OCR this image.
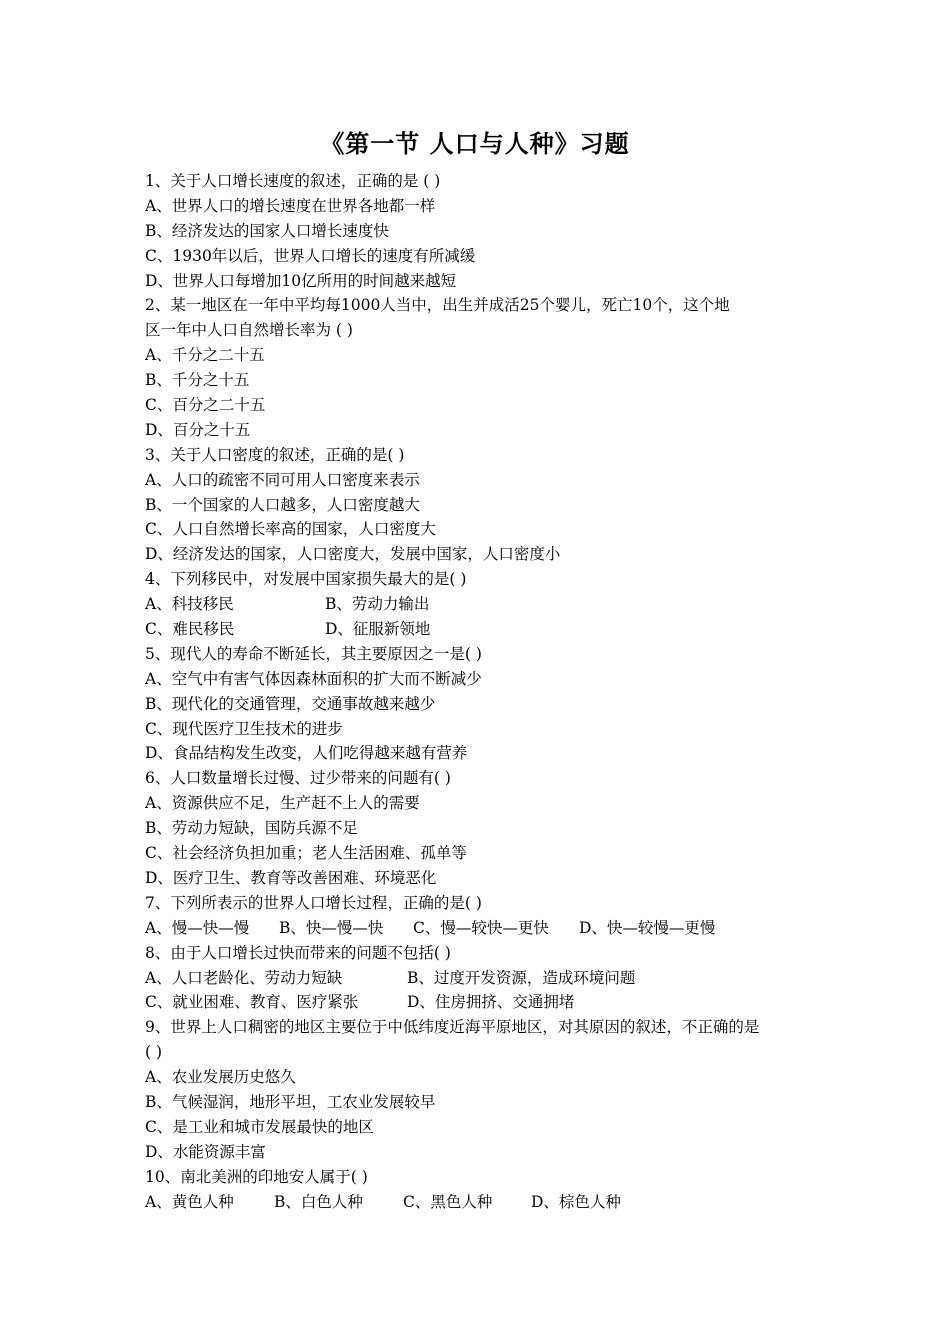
《第一节 人口与人种》习题
1、关于人口增长速度的叙述，正确的是 ( )
A、世界人口的增长速度在世界各地都一样
B、经济发达的国家人口增长速度快
C、1930年以后，世界人口增长的速度有所减缓
D、世界人口每增加10亿所用的时间越来越短
2、某一地区在一年中平均每1000人当中，出生并成活25个婴儿，死亡10个，这个地
区一年中人口自然增长率为 ( )
A、千分之二十五
B、千分之十五
C、百分之二十五
D、百分之十五
3、关于人口密度的叙述，正确的是( )
A、人口的疏密不同可用人口密度来表示
B、一个国家的人口越多，人口密度越大
C、人口自然增长率高的国家，人口密度大
D、经济发达的国家，人口密度大，发展中国家，人口密度小
4、下列移民中，对发展中国家损失最大的是( )
A、科技移民	B、劳动力输出
C、难民移民	D、征服新领地
5、现代人的寿命不断延长，其主要原因之一是( )
A、空气中有害气体因森林面积的扩大而不断减少
B、现代化的交通管理，交通事故越来越少
C、现代医疗卫生技术的进步
D、食品结构发生改变，人们吃得越来越有营养
6、人口数量增长过慢、过少带来的问题有( )
A、资源供应不足，生产赶不上人的需要
B、劳动力短缺，国防兵源不足
C、社会经济负担加重；老人生活困难、孤单等
D、医疗卫生、教育等改善困难、环境恶化
7、下列所表示的世界人口增长过程，正确的是( )
A、慢—快—慢	B、快—慢—快	C、慢—较快—更快	D、快—较慢—更慢
8、由于人口增长过快而带来的问题不包括( )
A、人口老龄化、劳动力短缺	B、过度开发资源，造成环境问题
C、就业困难、教育、医疗紧张	D、住房拥挤、交通拥堵
9、世界上人口稠密的地区主要位于中低纬度近海平原地区，对其原因的叙述，不正确的是
( )
A、农业发展历史悠久
B、气候湿润，地形平坦，工农业发展较早
C、是工业和城市发展最快的地区
D、水能资源丰富
10、南北美洲的印地安人属于( )
A、黄色人种	B、白色人种	C、黑色人种	D、棕色人种
